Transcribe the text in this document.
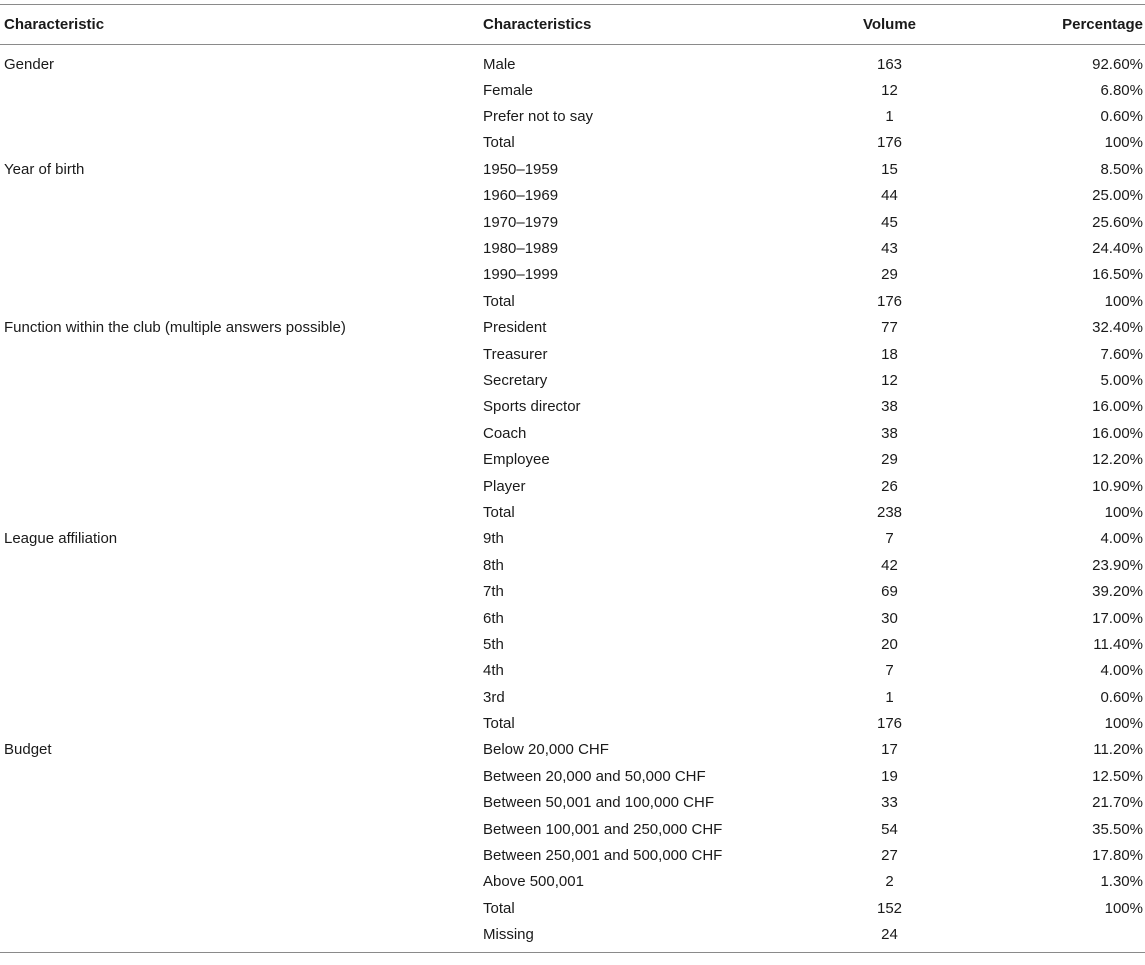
Characteristic	Characteristics	Volume	Percentage
Gender	Male	163	92.60%
	Female	12	6.80%
	Prefer not to say	1	0.60%
	Total	176	100%
Year of birth	1950–1959	15	8.50%
	1960–1969	44	25.00%
	1970–1979	45	25.60%
	1980–1989	43	24.40%
	1990–1999	29	16.50%
	Total	176	100%
Function within the club (multiple answers possible)	President	77	32.40%
	Treasurer	18	7.60%
	Secretary	12	5.00%
	Sports director	38	16.00%
	Coach	38	16.00%
	Employee	29	12.20%
	Player	26	10.90%
	Total	238	100%
League affiliation	9th	7	4.00%
	8th	42	23.90%
	7th	69	39.20%
	6th	30	17.00%
	5th	20	11.40%
	4th	7	4.00%
	3rd	1	0.60%
	Total	176	100%
Budget	Below 20,000 CHF	17	11.20%
	Between 20,000 and 50,000 CHF	19	12.50%
	Between 50,001 and 100,000 CHF	33	21.70%
	Between 100,001 and 250,000 CHF	54	35.50%
	Between 250,001 and 500,000 CHF	27	17.80%
	Above 500,001	2	1.30%
	Total	152	100%
	Missing	24	
